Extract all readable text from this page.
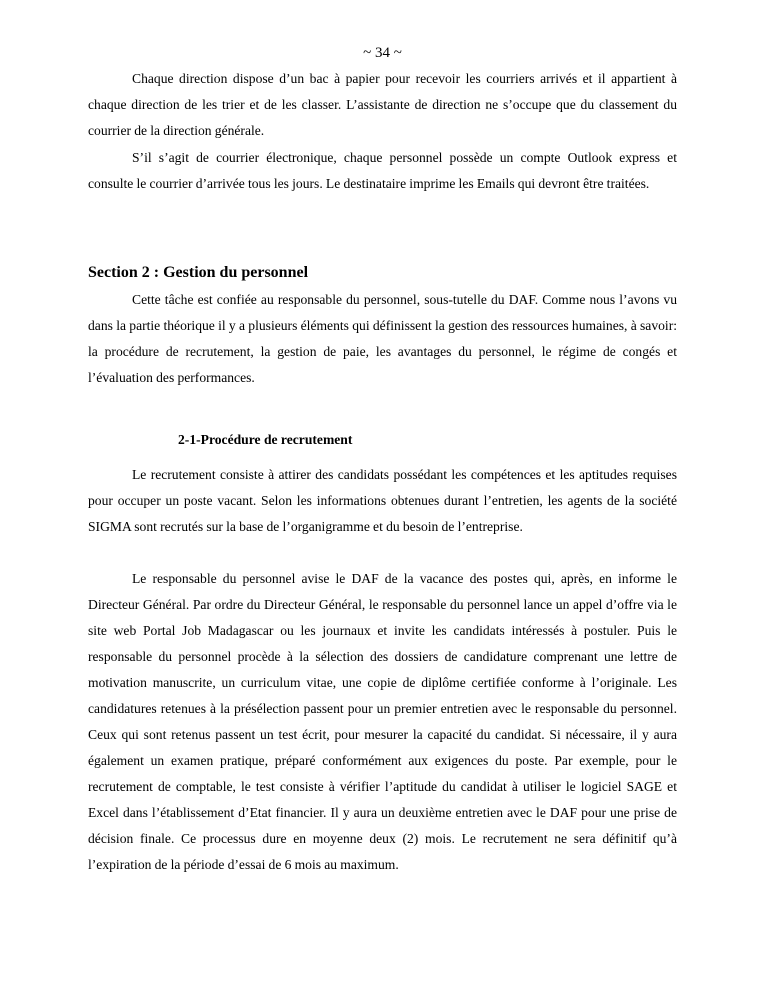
~ 34 ~

Chaque direction dispose d’un bac à papier pour recevoir les courriers arrivés et il appartient à chaque direction de les trier et de les classer. L’assistante de direction ne s’occupe que du classement du courrier de la direction générale.

S’il s’agit de courrier électronique, chaque personnel possède un compte Outlook express et consulte le courrier d’arrivée tous les jours. Le destinataire imprime les Emails qui devront être traitées.

Section 2 : Gestion du personnel

Cette tâche est confiée au responsable du personnel, sous-tutelle du DAF. Comme nous l’avons vu dans la partie théorique il y a plusieurs éléments qui définissent la gestion des ressources humaines, à savoir: la procédure de recrutement, la gestion de paie, les avantages du personnel, le régime de congés et l’évaluation des performances.

2-1-Procédure de recrutement

Le recrutement consiste à attirer des candidats possédant les compétences et les aptitudes requises pour occuper un poste vacant. Selon les informations obtenues durant l’entretien, les agents de la société SIGMA sont recrutés sur la base de l’organigramme et du besoin de l’entreprise.

Le responsable du personnel avise le DAF de la vacance des postes qui, après, en informe le Directeur Général. Par ordre du Directeur Général, le responsable du personnel lance un appel d’offre via le site web Portal Job Madagascar ou les journaux et invite les candidats intéressés à postuler. Puis le responsable du personnel procède à la sélection des dossiers de candidature comprenant une lettre de motivation manuscrite, un curriculum vitae, une copie de diplôme certifiée conforme à l’originale. Les candidatures retenues à la présélection passent pour un premier entretien avec le responsable du personnel. Ceux qui sont retenus passent un test écrit, pour mesurer la capacité du candidat. Si nécessaire, il y aura également un examen pratique, préparé conformément aux exigences du poste. Par exemple, pour le recrutement de comptable, le test consiste à vérifier l’aptitude du candidat à utiliser le logiciel SAGE et Excel dans l’établissement d’Etat financier. Il y aura un deuxième entretien avec le DAF pour une prise de décision finale. Ce processus dure en moyenne deux (2) mois. Le recrutement ne sera définitif qu’à l’expiration de la période d’essai de 6 mois au maximum.
